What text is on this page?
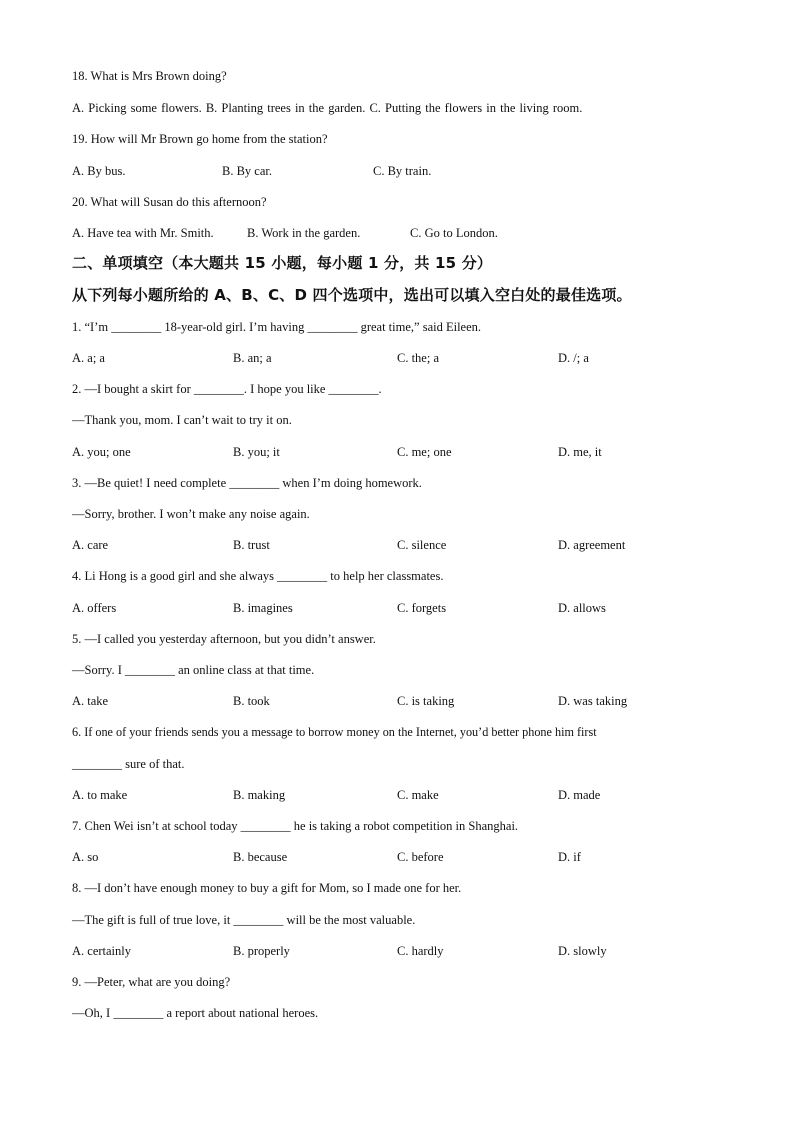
18. What is Mrs Brown doing?
A. Picking some flowers. B. Planting trees in the garden. C. Putting the flowers in the living room.
19. How will Mr Brown go home from the station?
A. By bus.	B. By car.	C. By train.
20. What will Susan do this afternoon?
A. Have tea with Mr. Smith.	B. Work in the garden.	C. Go to London.
二、单项填空（本大题共 15 小题，每小题 1 分，共 15 分）
从下列每小题所给的 A、B、C、D 四个选项中，选出可以填入空白处的最佳选项。
1. “I’m ________ 18-year-old girl. I’m having ________ great time,” said Eileen.
A. a; a	B. an; a	C. the; a	D. /; a
2. —I bought a skirt for ________. I hope you like ________.
—Thank you, mom. I can’t wait to try it on.
A. you; one	B. you; it	C. me; one	D. me, it
3. —Be quiet! I need complete ________ when I’m doing homework.
—Sorry, brother. I won’t make any noise again.
A. care	B. trust	C. silence	D. agreement
4. Li Hong is a good girl and she always ________ to help her classmates.
A. offers	B. imagines	C. forgets	D. allows
5. —I called you yesterday afternoon, but you didn’t answer.
—Sorry. I ________ an online class at that time.
A. take	B. took	C. is taking	D. was taking
6. If one of your friends sends you a message to borrow money on the Internet, you’d better phone him first
________ sure of that.
A. to make	B. making	C. make	D. made
7. Chen Wei isn’t at school today ________ he is taking a robot competition in Shanghai.
A. so	B. because	C. before	D. if
8. —I don’t have enough money to buy a gift for Mom, so I made one for her.
—The gift is full of true love, it ________ will be the most valuable.
A. certainly	B. properly	C. hardly	D. slowly
9. —Peter, what are you doing?
—Oh, I ________ a report about national heroes.
